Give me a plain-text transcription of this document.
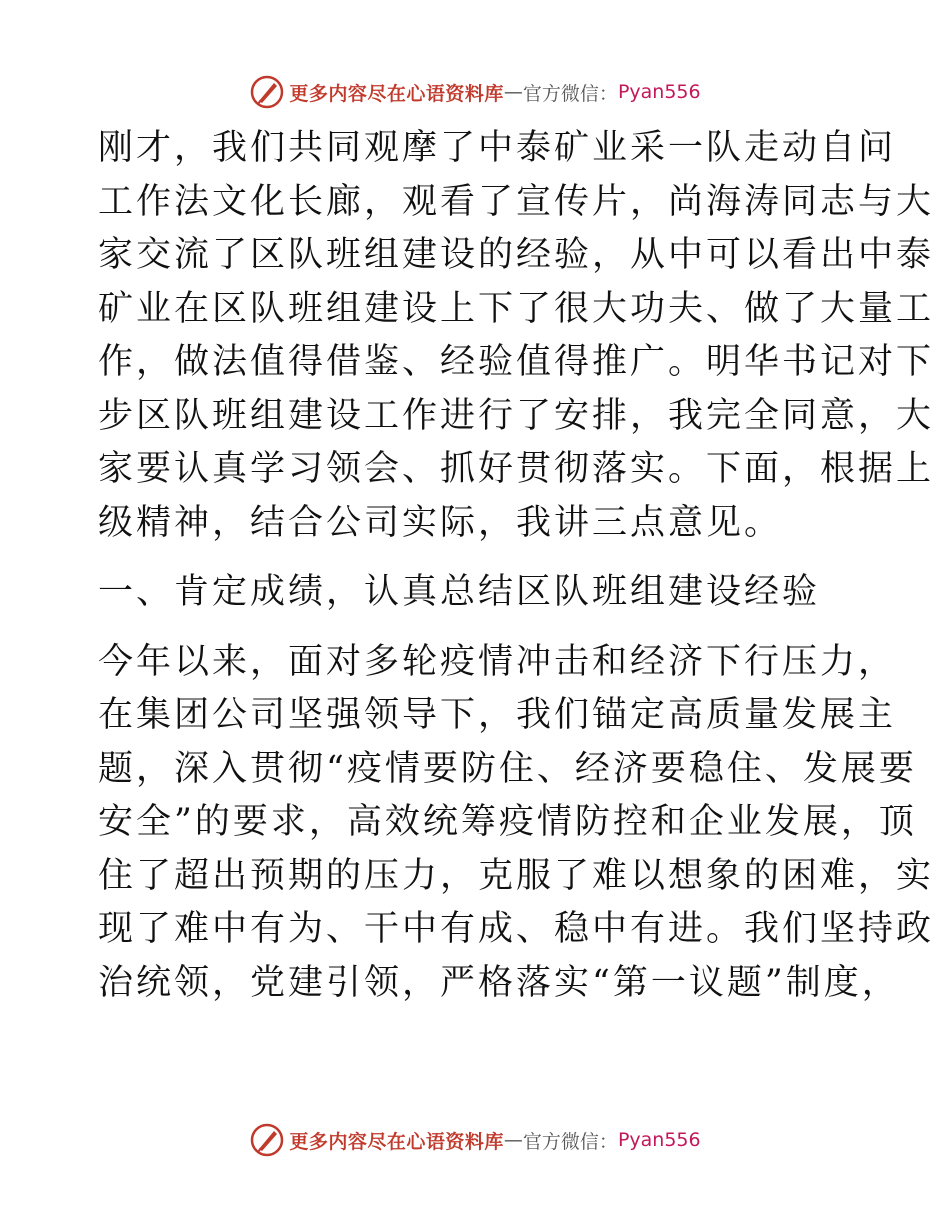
更多内容尽在心语资料库 — 官方微信： Pyan556
刚才，我们共同观摩了中泰矿业采一队走动自问
工作法文化长廊，观看了宣传片，尚海涛同志与大
家交流了区队班组建设的经验，从中可以看出中泰
矿业在区队班组建设上下了很大功夫、做了大量工
作，做法值得借鉴、经验值得推广。明华书记对下
步区队班组建设工作进行了安排，我完全同意，大
家要认真学习领会、抓好贯彻落实。下面，根据上
级精神，结合公司实际，我讲三点意见。
一、肯定成绩，认真总结区队班组建设经验
今年以来，面对多轮疫情冲击和经济下行压力，
在集团公司坚强领导下，我们锚定高质量发展主
题，深入贯彻“疫情要防住、经济要稳住、发展要
安全”的要求，高效统筹疫情防控和企业发展，顶
住了超出预期的压力，克服了难以想象的困难，实
现了难中有为、干中有成、稳中有进。我们坚持政
治统领，党建引领，严格落实“第一议题”制度，
更多内容尽在心语资料库 — 官方微信： Pyan556
